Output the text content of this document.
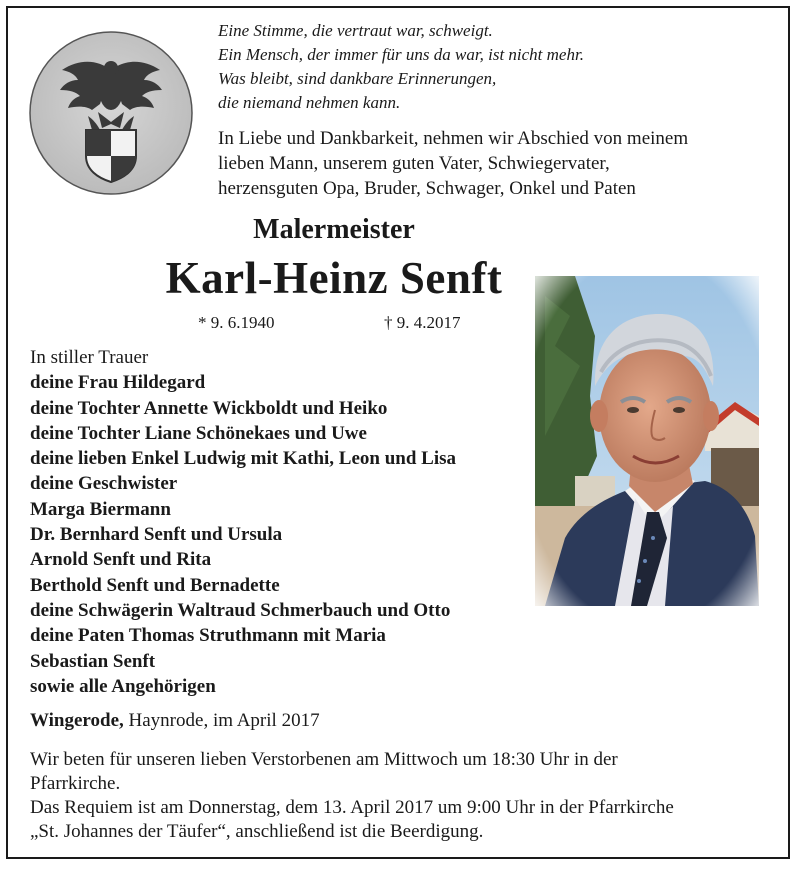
Eine Stimme, die vertraut war, schweigt.
Ein Mensch, der immer für uns da war, ist nicht mehr.
Was bleibt, sind dankbare Erinnerungen,
die niemand nehmen kann.
In Liebe und Dankbarkeit, nehmen wir Abschied von meinem
lieben Mann, unserem guten Vater, Schwiegervater,
herzensguten Opa, Bruder, Schwager, Onkel und Paten
Malermeister
Karl-Heinz Senft
* 9. 6.1940	† 9. 4.2017
In stiller Trauer
deine Frau Hildegard
deine Tochter Annette Wickboldt und Heiko
deine Tochter Liane Schönekaes und Uwe
deine lieben Enkel Ludwig mit Kathi, Leon und Lisa
deine Geschwister
Marga Biermann
Dr. Bernhard Senft und Ursula
Arnold Senft und Rita
Berthold Senft und Bernadette
deine Schwägerin Waltraud Schmerbauch und Otto
deine Paten Thomas Struthmann mit Maria
Sebastian Senft
sowie alle Angehörigen
Wingerode, Haynrode, im April 2017
Wir beten für unseren lieben Verstorbenen am Mittwoch um 18:30 Uhr in der
Pfarrkirche.
Das Requiem ist am Donnerstag, dem 13. April 2017 um 9:00 Uhr in der Pfarrkirche
„St. Johannes der Täufer“, anschließend ist die Beerdigung.
